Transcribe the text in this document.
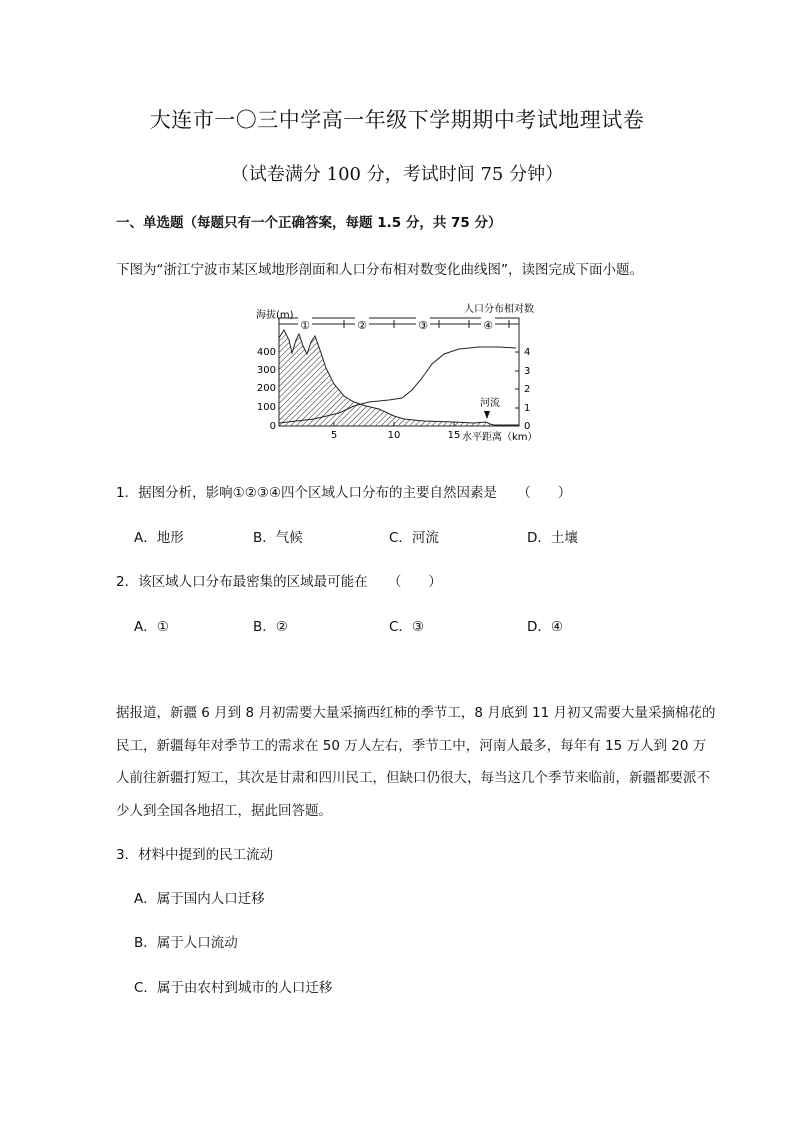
大连市一〇三中学高一年级下学期期中考试地理试卷
（试卷满分 100 分，考试时间 75 分钟）
一、单选题（每题只有一个正确答案，每题 1.5 分，共 75 分）
下图为“浙江宁波市某区域地形剖面和人口分布相对数变化曲线图”，读图完成下面小题。
①	②	③	④
海拔(m)
人口分布相对数
400
300
200
100
0
4
3
2
1
0
5	10	15 水平距离（km）
河流
1．据图分析，影响①②③④四个区域人口分布的主要自然因素是　　（　　）
A．地形	B．气候	C．河流	D．土壤
2．该区域人口分布最密集的区域最可能在　　（　　）
A．①	B．②	C．③	D．④
据报道，新疆 6 月到 8 月初需要大量采摘西红柿的季节工，8 月底到 11 月初又需要大量采摘棉花的民工，新疆每年对季节工的需求在 50 万人左右，季节工中，河南人最多，每年有 15 万人到 20 万人前往新疆打短工，其次是甘肃和四川民工，但缺口仍很大，每当这几个季节来临前，新疆都要派不少人到全国各地招工，据此回答题。
3．材料中提到的民工流动
A．属于国内人口迁移
B．属于人口流动
C．属于由农村到城市的人口迁移
